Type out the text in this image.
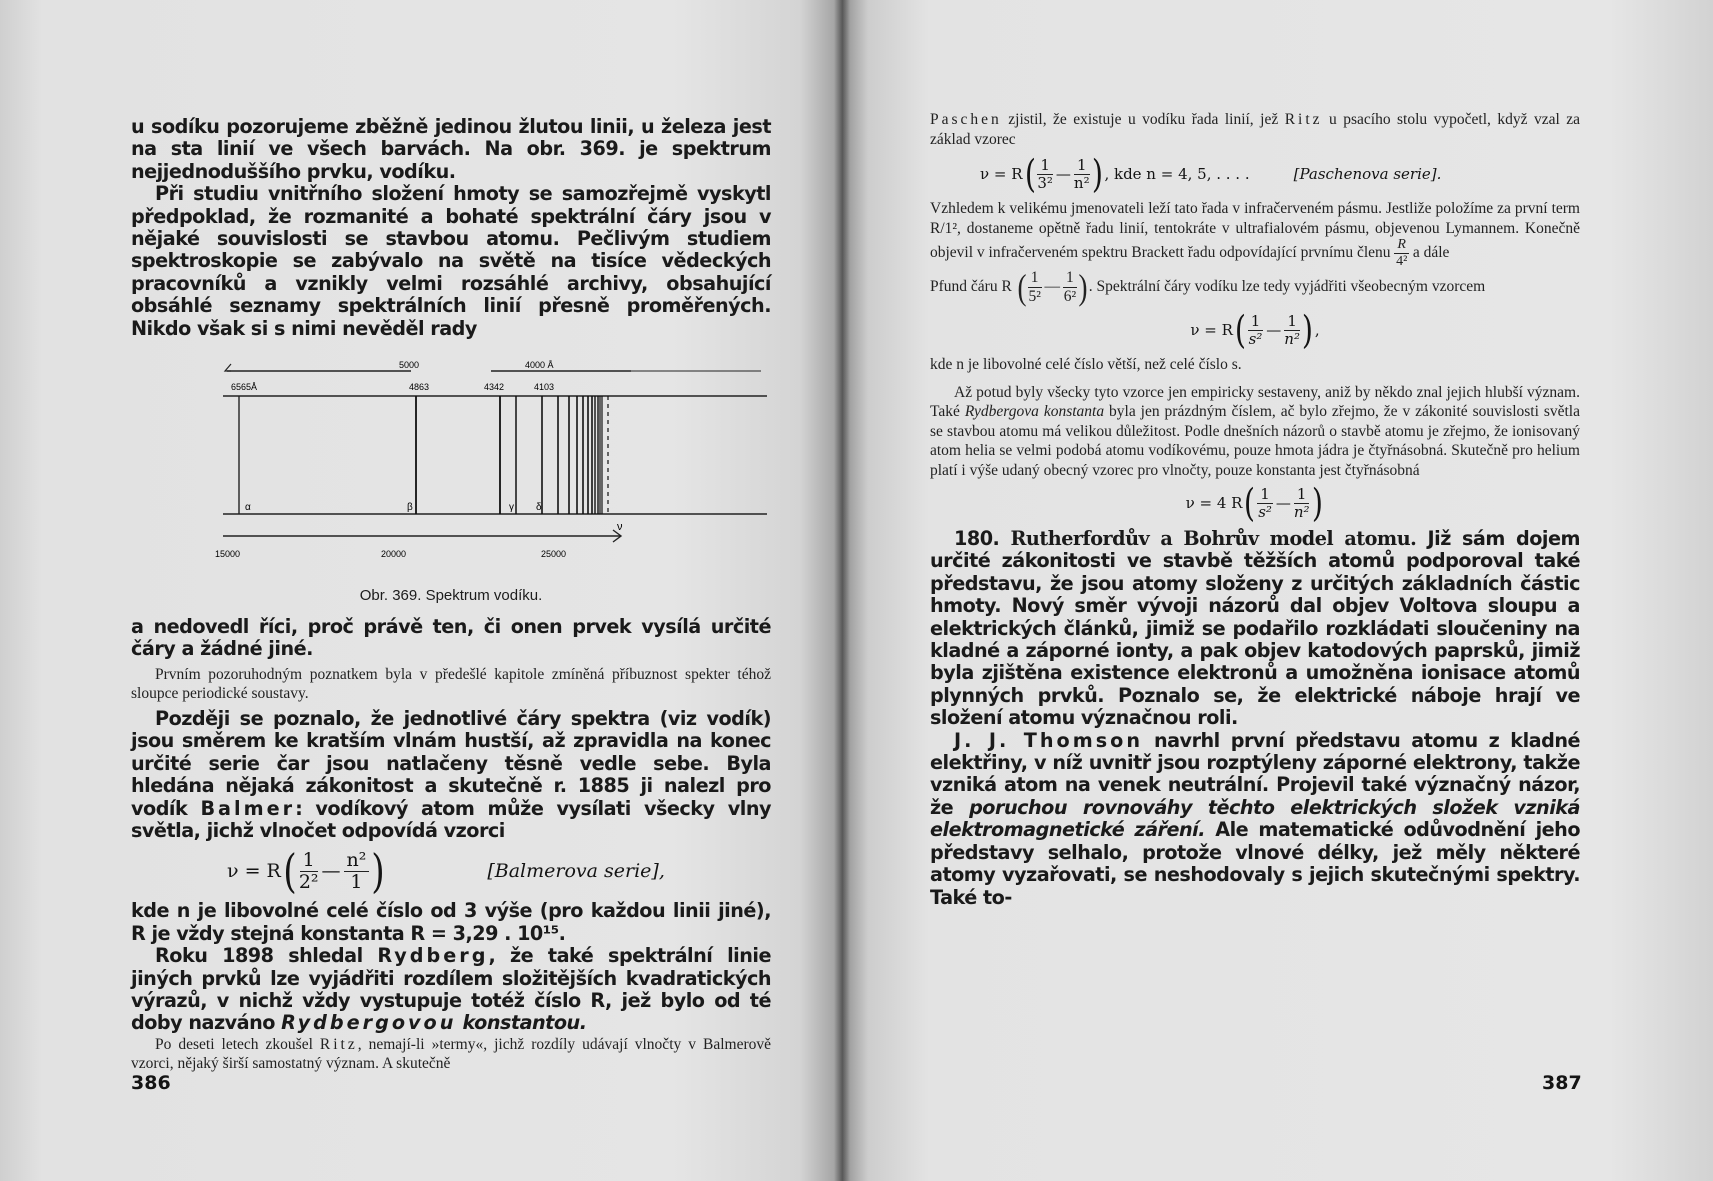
u sodíku pozorujeme zběžně jedinou žlutou linii, u železa jest na sta linií ve všech barvách. Na obr. 369. je spektrum nejjednoduššího prvku, vodíku.

Při studiu vnitřního složení hmoty se samozřejmě vyskytl předpoklad, že rozmanité a bohaté spektrální čáry jsou v nějaké souvislosti se stavbou atomu. Pečlivým studiem spektroskopie se zabývalo na světě na tisíce vědeckých pracovníků a vznikly velmi rozsáhlé archivy, obsahující obsáhlé seznamy spektrálních linií přesně proměřených. Nikdo však si s nimi nevěděl rady

5000	4000 Å
6565Å	4863	4342	4103
α	β	γ δ
ν
15000	20000	25000
Obr. 369. Spektrum vodíku.

a nedovedl říci, proč právě ten, či onen prvek vysílá určité čáry a žádné jiné.

Prvním pozoruhodným poznatkem byla v předešlé kapitole zmíněná příbuznost spekter téhož sloupce periodické soustavy.

Později se poznalo, že jednotlivé čáry spektra (viz vodík) jsou směrem ke kratším vlnám hustší, až zpravidla na konec určité serie čar jsou natlačeny těsně vedle sebe. Byla hledána nějaká zákonitost a skutečně r. 1885 ji nalezl pro vodík Balmer: vodíkový atom může vysílati všecky vlny světla, jichž vlnočet odpovídá vzorci

ν = R ( $\frac{1}{\text{2²}}$ — $\frac{\text{n²}}{1}$ )	[Balmerova serie],

kde n je libovolné celé číslo od 3 výše (pro každou linii jiné), R je vždy stejná konstanta R = 3,29 . 10¹⁵.

Roku 1898 shledal Rydberg, že také spektrální linie jiných prvků lze vyjádřiti rozdílem složitějších kvadratických výrazů, v nichž vždy vystupuje totéž číslo R, jež bylo od té doby nazváno Rydbergovou konstantou.

Po deseti letech zkoušel Ritz, nemají-li »termy«, jichž rozdíly udávají vlnočty v Balmerově vzorci, nějaký širší samostatný význam. A skutečně

386

Paschen zjistil, že existuje u vodíku řada linií, jež Ritz u psacího stolu vypočetl, když vzal za základ vzorec

ν = R ( $\frac{1}{\text{3²}}$ — $\frac{1}{\text{n²}}$ ) , kde n = 4, 5, . . . .	[Paschenova serie].

Vzhledem k velikému jmenovateli leží tato řada v infračerveném pásmu. Jestliže položíme za první term R/1², dostaneme opětně řadu linií, tentokráte v ultrafialovém pásmu, objevenou Lymannem. Konečně objevil v infračerveném spektru Brackett řadu odpovídající prvnímu členu $\frac{R}{\text{4²}}$ a dále

Pfund čáru R ( $\frac{1}{\text{5²}}$ — $\frac{1}{\text{6²}}$ ) . Spektrální čáry vodíku lze tedy vyjádřiti všeobecným vzorcem
ν = R ( $\frac{1}{\text{s²}}$ — $\frac{1}{\text{n²}}$ ) ,

kde n je libovolné celé číslo větší, než celé číslo s.

Až potud byly všecky tyto vzorce jen empiricky sestaveny, aniž by někdo znal jejich hlubší význam. Také Rydbergova konstanta byla jen prázdným číslem, ač bylo zřejmo, že v zákonité souvislosti světla se stavbou atomu má velikou důležitost. Podle dnešních názorů o stavbě atomu je zřejmo, že ionisovaný atom helia se velmi podobá atomu vodíkovému, pouze hmota jádra je čtyřnásobná. Skutečně pro helium platí i výše udaný obecný vzorec pro vlnočty, pouze konstanta jest čtyřnásobná

ν = 4 R ( $\frac{1}{\text{s²}}$ — $\frac{1}{\text{n²}}$ )

180. Rutherfordův a Bohrův model atomu. Již sám dojem určité zákonitosti ve stavbě těžších atomů podporoval také představu, že jsou atomy složeny z určitých základních částic hmoty. Nový směr vývoji názorů dal objev Voltova sloupu a elektrických článků, jimiž se podařilo rozkládati sloučeniny na kladné a záporné ionty, a pak objev katodových paprsků, jimiž byla zjištěna existence elektronů a umožněna ionisace atomů plynných prvků. Poznalo se, že elektrické náboje hrají ve složení atomu význačnou roli.

J. J. Thomson navrhl první představu atomu z kladné elektřiny, v níž uvnitř jsou rozptýleny záporné elektrony, takže vzniká atom na venek neutrální. Projevil také význačný názor, že poruchou rovnováhy těchto elektrických složek vzniká elektromagnetické záření. Ale matematické odůvodnění jeho představy selhalo, protože vlnové délky, jež měly některé atomy vyzařovati, se neshodovaly s jejich skutečnými spektry. Také to-

387
